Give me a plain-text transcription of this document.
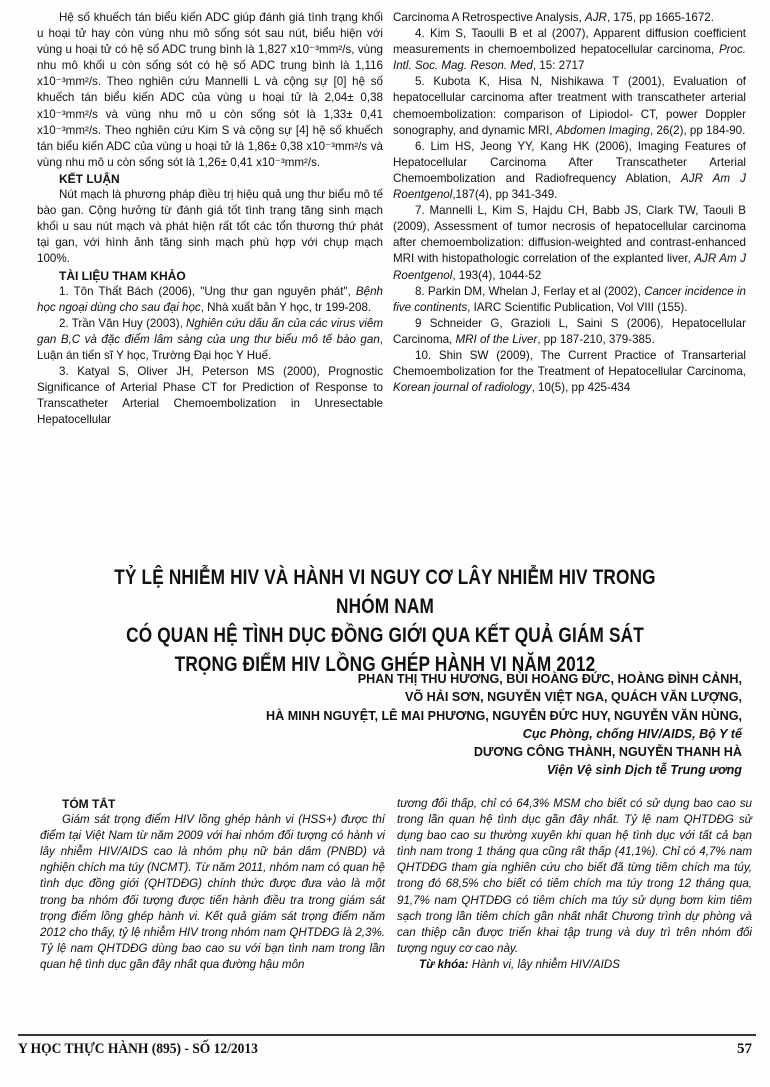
Hệ số khuếch tán biểu kiến ADC giúp đánh giá tình trạng khối u hoại tử hay còn vùng nhu mô sống sót sau nút, biểu hiện với vùng u hoại tử có hệ số ADC trung bình là 1,827 x10⁻³mm²/s, vùng nhu mô khối u còn sống sót có hệ số ADC trung bình là 1,116 x10⁻³mm²/s. Theo nghiên cứu Mannelli L và cộng sự [0] hệ số khuếch tán biểu kiến ADC của vùng u hoại tử là 2,04± 0,38 x10⁻³mm²/s và vùng nhu mô u còn sống sót là 1,33± 0,41 x10⁻³mm²/s. Theo nghiên cứu Kim S và cộng sự [4] hệ số khuếch tán biểu kiến ADC của vùng u hoại tử là 1,86± 0,38 x10⁻³mm²/s và vùng nhu mô u còn sống sót là 1,26± 0,41 x10⁻³mm²/s.

KẾT LUẬN

Nút mạch là phương pháp điều trị hiệu quả ung thư biểu mô tế bào gan. Cộng hưởng từ đánh giá tốt tình trạng tăng sinh mạch khối u sau nút mạch và phát hiện rất tốt các tổn thương thứ phát tại gan, với hình ảnh tăng sinh mạch phù hợp với chụp mạch 100%.

TÀI LIỆU THAM KHẢO

1. Tôn Thất Bách (2006), "Ung thư gan nguyên phát", Bệnh học ngoại dùng cho sau đại học, Nhà xuất bản Y học, tr 199-208.

2. Trần Văn Huy (2003), Nghiên cứu dấu ấn của các virus viêm gan B,C và đặc điểm lâm sàng của ung thư biểu mô tế bào gan, Luận án tiến sĩ Y học, Trường Đại học Y Huế.

3. Katyal S, Oliver JH, Peterson MS (2000), Prognostic Significance of Arterial Phase CT for Prediction of Response to Transcatheter Arterial Chemoembolization in Unresectable Hepatocellular

Carcinoma A Retrospective Analysis, AJR, 175, pp 1665-1672.

4. Kim S, Taoulli B et al (2007), Apparent diffusion coefficient measurements in chemoembolized hepatocellular carcinoma, Proc. Intl. Soc. Mag. Reson. Med, 15: 2717

5. Kubota K, Hisa N, Nishikawa T (2001), Evaluation of hepatocellular carcinoma after treatment with transcatheter arterial chemoembolization: comparison of Lipiodol- CT, power Doppler sonography, and dynamic MRI, Abdomen Imaging, 26(2), pp 184-90.

6. Lim HS, Jeong YY, Kang HK (2006), Imaging Features of Hepatocellular Carcinoma After Transcatheter Arterial Chemoembolization and Radiofrequency Ablation, AJR Am J Roentgenol,187(4), pp 341-349.

7. Mannelli L, Kim S, Hajdu CH, Babb JS, Clark TW, Taouli B (2009), Assessment of tumor necrosis of hepatocellular carcinoma after chemoembolization: diffusion-weighted and contrast-enhanced MRI with histopathologic correlation of the explanted liver, AJR Am J Roentgenol, 193(4), 1044-52

8. Parkin DM, Whelan J, Ferlay et al (2002), Cancer incidence in five continents, IARC Scientific Publication, Vol VIII (155).

9 Schneider G, Grazioli L, Saini S (2006), Hepatocellular Carcinoma, MRI of the Liver, pp 187-210, 379-385.

10. Shin SW (2009), The Current Practice of Transarterial Chemoembolization for the Treatment of Hepatocellular Carcinoma, Korean journal of radiology, 10(5), pp 425-434

TỶ LỆ NHIỄM HIV VÀ HÀNH VI NGUY CƠ LÂY NHIỄM HIV TRONG NHÓM NAM
CÓ QUAN HỆ TÌNH DỤC ĐỒNG GIỚI QUA KẾT QUẢ GIÁM SÁT
TRỌNG ĐIỂM HIV LỒNG GHÉP HÀNH VI NĂM 2012
PHAN THỊ THU HƯƠNG, BÙI HOÀNG ĐỨC, HOÀNG ĐÌNH CẢNH,
VÕ HẢI SƠN, NGUYỄN VIỆT NGA, QUÁCH VĂN LƯỢNG,
HÀ MINH NGUYỆT, LÊ MAI PHƯƠNG, NGUYỄN ĐỨC HUY, NGUYỄN VĂN HÙNG,
Cục Phòng, chống HIV/AIDS, Bộ Y tế
DƯƠNG CÔNG THÀNH, NGUYỄN THANH HÀ
Viện Vệ sinh Dịch tễ Trung ương
TÓM TẮT

Giám sát trọng điểm HIV lồng ghép hành vi (HSS+) được thí điểm tại Việt Nam từ năm 2009 với hai nhóm đối tượng có hành vi lây nhiễm HIV/AIDS cao là nhóm phụ nữ bán dâm (PNBD) và nghiện chích ma túy (NCMT). Từ năm 2011, nhóm nam có quan hệ tình dục đồng giới (QHTDĐG) chính thức được đưa vào là một trong ba nhóm đối tượng được tiến hành điều tra trong giám sát trọng điểm lồng ghép hành vi. Kết quả giám sát trọng điểm năm 2012 cho thấy, tỷ lệ nhiễm HIV trong nhóm nam QHTDĐG là 2,3%. Tỷ lệ nam QHTDĐG dùng bao cao su với bạn tình nam trong lần quan hệ tình dục gần đây nhất qua đường hậu môn

tương đối thấp, chỉ có 64,3% MSM cho biết có sử dụng bao cao su trong lần quan hệ tình dục gần đây nhất. Tỷ lệ nam QHTDĐG sử dụng bao cao su thường xuyên khi quan hệ tình dục với tất cả bạn tình nam trong 1 tháng qua cũng rất thấp (41,1%). Chỉ có 4,7% nam QHTDĐG tham gia nghiên cứu cho biết đã từng tiêm chích ma túy, trong đó 68,5% cho biết có tiêm chích ma túy trong 12 tháng qua, 91,7% nam QHTDĐG có tiêm chích ma túy sử dụng bơm kim tiêm sạch trong lần tiêm chích gần nhất nhất Chương trình dự phòng và can thiệp cần được triển khai tập trung và duy trì trên nhóm đối tượng nguy cơ cao này.

Từ khóa: Hành vi, lây nhiễm HIV/AIDS

Y HỌC THỰC HÀNH (895) - SỐ 12/2013	57
